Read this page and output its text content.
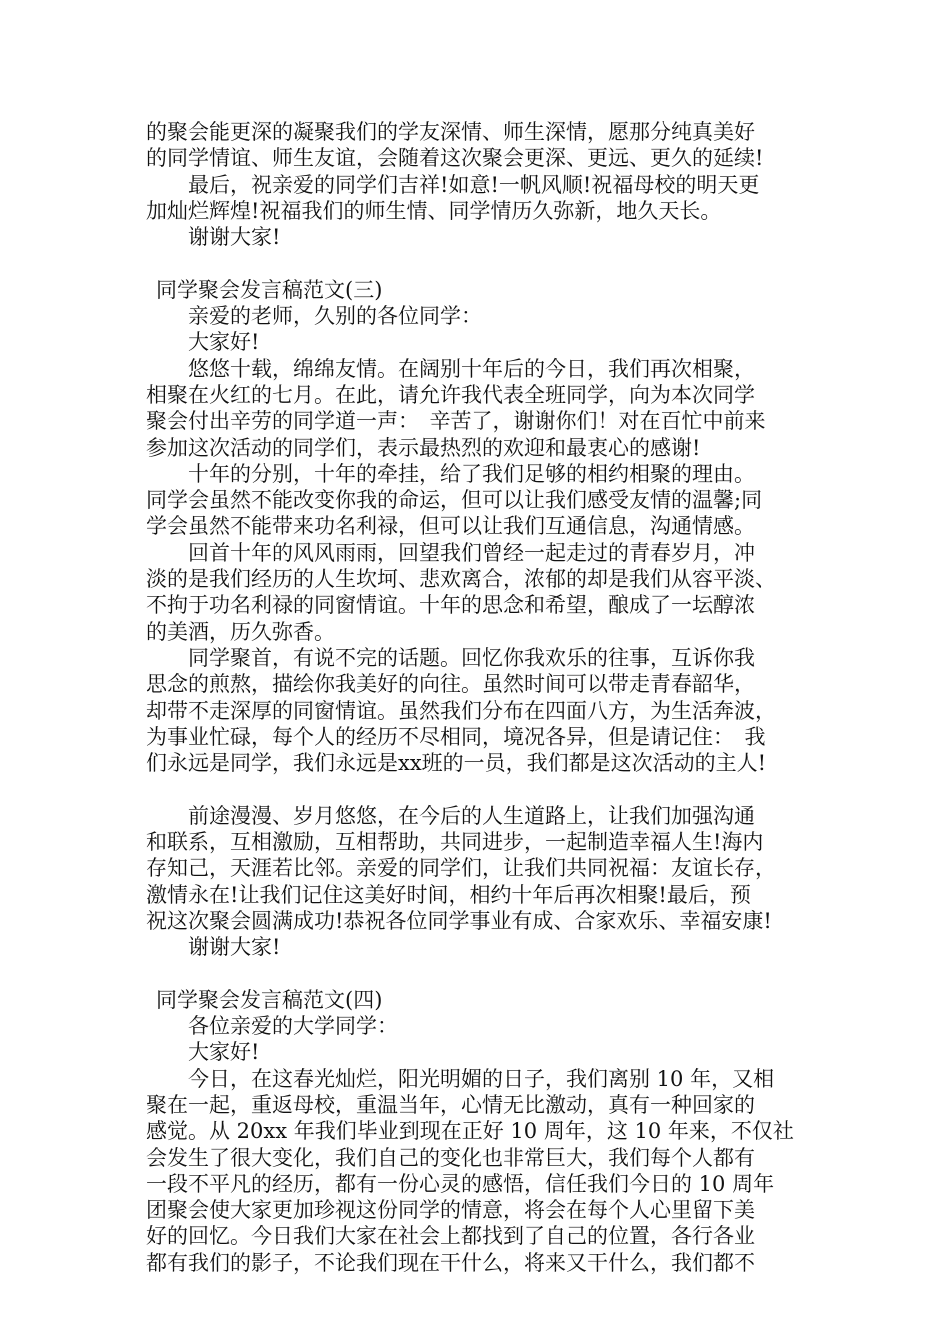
的聚会能更深的凝聚我们的学友深情、师生深情，愿那分纯真美好
的同学情谊、师生友谊，会随着这次聚会更深、更远、更久的延续!
最后，祝亲爱的同学们吉祥!如意!一帆风顺!祝福母校的明天更
加灿烂辉煌!祝福我们的师生情、同学情历久弥新，地久天长。
谢谢大家!
同学聚会发言稿范文(三)
亲爱的老师，久别的各位同学：
大家好!
悠悠十载，绵绵友情。在阔别十年后的今日，我们再次相聚，
相聚在火红的七月。在此，请允许我代表全班同学，向为本次同学
聚会付出辛劳的同学道一声：　辛苦了，谢谢你们！对在百忙中前来
参加这次活动的同学们，表示最热烈的欢迎和最衷心的感谢!
十年的分别，十年的牵挂，给了我们足够的相约相聚的理由。
同学会虽然不能改变你我的命运，但可以让我们感受友情的温馨;同
学会虽然不能带来功名利禄，但可以让我们互通信息，沟通情感。
回首十年的风风雨雨，回望我们曾经一起走过的青春岁月，冲
淡的是我们经历的人生坎坷、悲欢离合，浓郁的却是我们从容平淡、
不拘于功名利禄的同窗情谊。十年的思念和希望，酿成了一坛醇浓
的美酒，历久弥香。
同学聚首，有说不完的话题。回忆你我欢乐的往事，互诉你我
思念的煎熬，描绘你我美好的向往。虽然时间可以带走青春韶华，
却带不走深厚的同窗情谊。虽然我们分布在四面八方，为生活奔波，
为事业忙碌，每个人的经历不尽相同，境况各异，但是请记住：　我
们永远是同学，我们永远是xx班的一员，我们都是这次活动的主人!
前途漫漫、岁月悠悠，在今后的人生道路上，让我们加强沟通
和联系，互相激励，互相帮助，共同进步，一起制造幸福人生!海内
存知己，天涯若比邻。亲爱的同学们，让我们共同祝福：友谊长存，
激情永在!让我们记住这美好时间，相约十年后再次相聚!最后，预
祝这次聚会圆满成功!恭祝各位同学事业有成、合家欢乐、幸福安康!
谢谢大家!
同学聚会发言稿范文(四)
各位亲爱的大学同学：
大家好!
今日，在这春光灿烂，阳光明媚的日子，我们离别 10 年，又相
聚在一起，重返母校，重温当年，心情无比激动，真有一种回家的
感觉。从 20xx 年我们毕业到现在正好 10 周年，这 10 年来，不仅社
会发生了很大变化，我们自己的变化也非常巨大，我们每个人都有
一段不平凡的经历，都有一份心灵的感悟，信任我们今日的 10 周年
团聚会使大家更加珍视这份同学的情意，将会在每个人心里留下美
好的回忆。今日我们大家在社会上都找到了自己的位置，各行各业
都有我们的影子，不论我们现在干什么，将来又干什么，我们都不
